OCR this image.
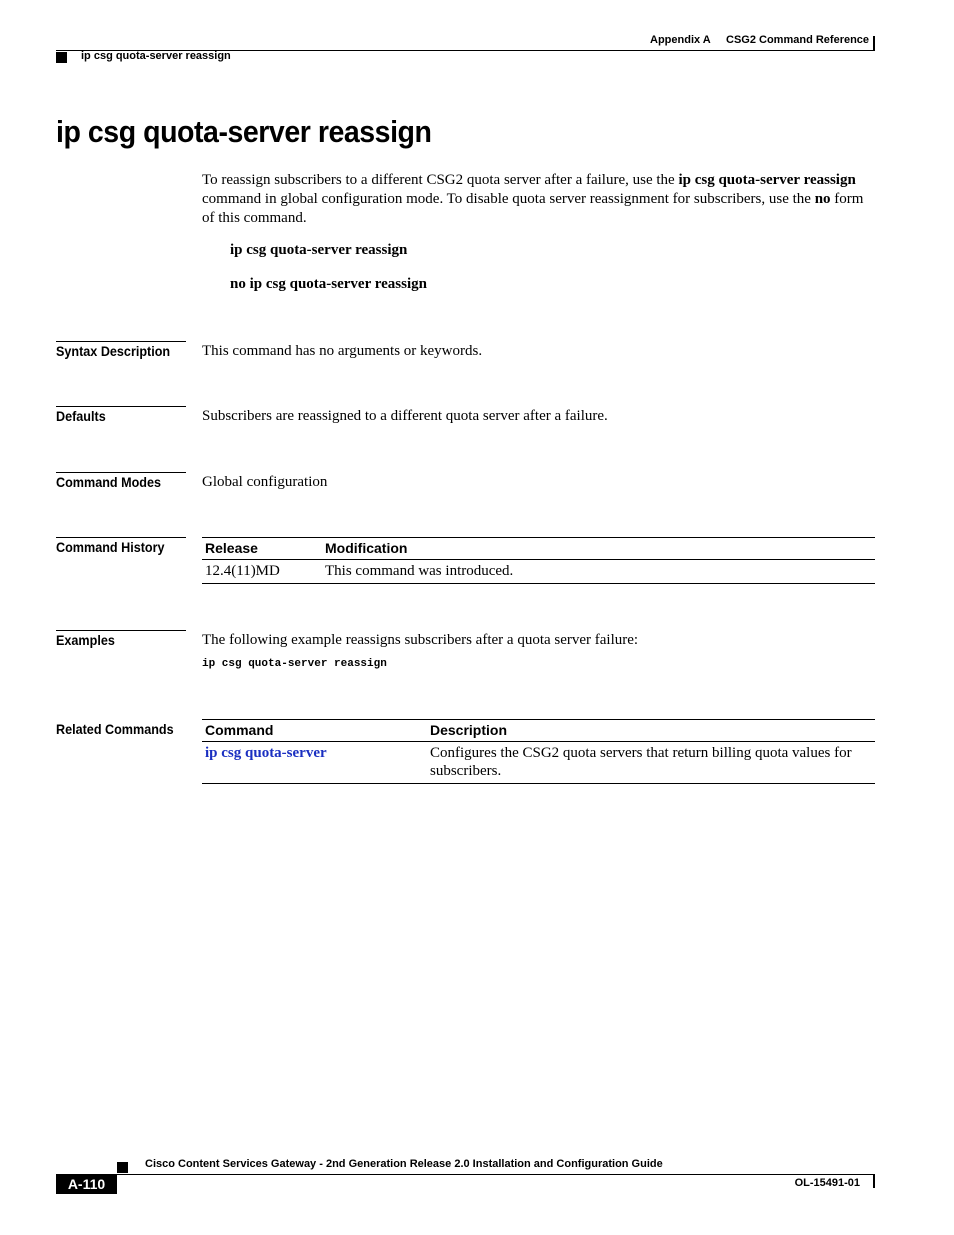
Appendix A CSG2 Command Reference
ip csg quota-server reassign
ip csg quota-server reassign
To reassign subscribers to a different CSG2 quota server after a failure, use the ip csg quota-server reassign command in global configuration mode. To disable quota server reassignment for subscribers, use the no form of this command.
ip csg quota-server reassign
no ip csg quota-server reassign
Syntax Description This command has no arguments or keywords.
Defaults	Subscribers are reassigned to a different quota server after a failure.
Command Modes	Global configuration
Command History	Release	Modification
12.4(11)MD	This command was introduced.
Examples	The following example reassigns subscribers after a quota server failure:
ip csg quota-server reassign
Related Commands Command	Description
ip csg quota-server	Configures the CSG2 quota servers that return billing quota values for subscribers.
Cisco Content Services Gateway - 2nd Generation Release 2.0 Installation and Configuration Guide
A-110	OL-15491-01
